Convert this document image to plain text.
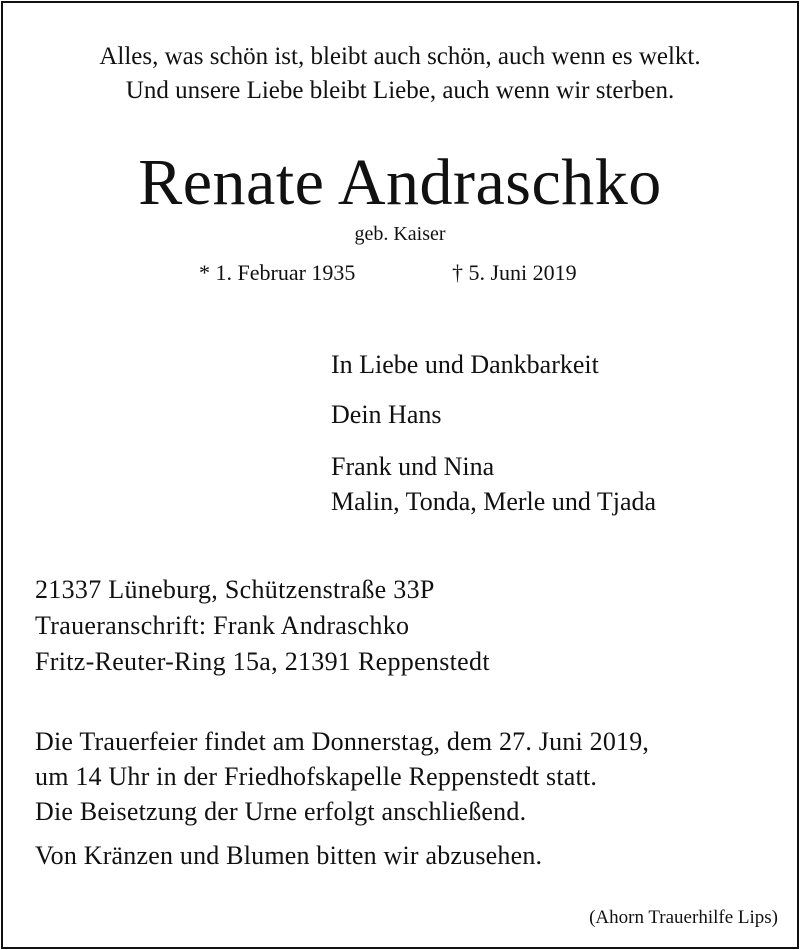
Alles, was schön ist, bleibt auch schön, auch wenn es welkt.

Und unsere Liebe bleibt Liebe, auch wenn wir sterben.

Renate Andraschko

geb. Kaiser

* 1. Februar 1935	† 5. Juni 2019

In Liebe und Dankbarkeit

Dein Hans

Frank und Nina

Malin, Tonda, Merle und Tjada

21337 Lüneburg, Schützenstraße 33P

Traueranschrift: Frank Andraschko

Fritz-Reuter-Ring 15a, 21391 Reppenstedt

Die Trauerfeier findet am Donnerstag, dem 27. Juni 2019,

um 14 Uhr in der Friedhofskapelle Reppenstedt statt.

Die Beisetzung der Urne erfolgt anschließend.

Von Kränzen und Blumen bitten wir abzusehen.

(Ahorn Trauerhilfe Lips)
